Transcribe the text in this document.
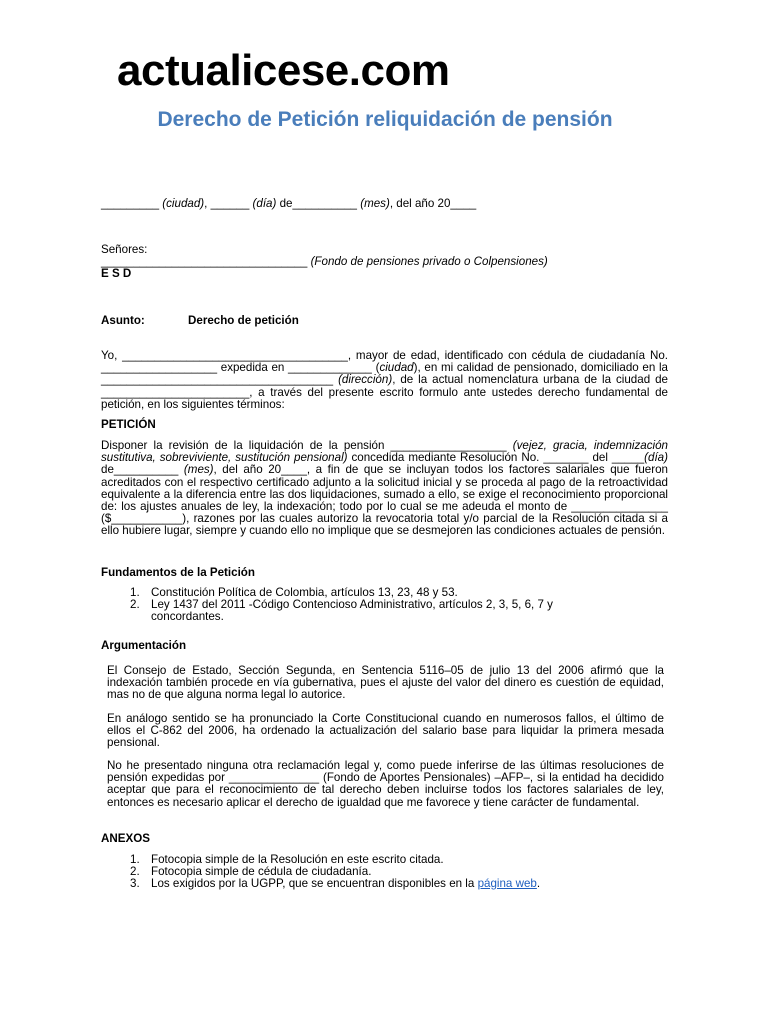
actualicese.com
Derecho de Petición reliquidación de pensión
_________ (ciudad), ______ (día) de__________ (mes), del año 20____
Señores:
________________________________ (Fondo de pensiones privado o Colpensiones)
E S D
Asunto:	Derecho de petición
Yo, ___________________________________, mayor de edad, identificado con cédula de ciudadanía No. __________________ expedida en _____________ (ciudad), en mi calidad de pensionado, domiciliado en la ____________________________________ (dirección), de la actual nomenclatura urbana de la ciudad de _______________________, a través del presente escrito formulo ante ustedes derecho fundamental de petición, en los siguientes términos:
PETICIÓN
Disponer la revisión de la liquidación de la pensión __________________ (vejez, gracia, indemnización sustitutiva, sobreviviente, sustitución pensional) concedida mediante Resolución No. _______ del _____(día) de__________ (mes), del año 20____, a fin de que se incluyan todos los factores salariales que fueron acreditados con el respectivo certificado adjunto a la solicitud inicial y se proceda al pago de la retroactividad equivalente a la diferencia entre las dos liquidaciones, sumado a ello, se exige el reconocimiento proporcional de: los ajustes anuales de ley, la indexación; todo por lo cual se me adeuda el monto de _______________ ($___________), razones por las cuales autorizo la revocatoria total y/o parcial de la Resolución citada si a ello hubiere lugar, siempre y cuando ello no implique que se desmejoren las condiciones actuales de pensión.
Fundamentos de la Petición
1. Constitución Política de Colombia, artículos 13, 23, 48 y 53.
2. Ley 1437 del 2011 -Código Contencioso Administrativo, artículos 2, 3, 5, 6, 7 y concordantes.
Argumentación
El Consejo de Estado, Sección Segunda, en Sentencia 5116–05 de julio 13 del 2006 afirmó que la indexación también procede en vía gubernativa, pues el ajuste del valor del dinero es cuestión de equidad, mas no de que alguna norma legal lo autorice.
En análogo sentido se ha pronunciado la Corte Constitucional cuando en numerosos fallos, el último de ellos el C-862 del 2006, ha ordenado la actualización del salario base para liquidar la primera mesada pensional.
No he presentado ninguna otra reclamación legal y, como puede inferirse de las últimas resoluciones de pensión expedidas por ______________ (Fondo de Aportes Pensionales) –AFP–, si la entidad ha decidido aceptar que para el reconocimiento de tal derecho deben incluirse todos los factores salariales de ley, entonces es necesario aplicar el derecho de igualdad que me favorece y tiene carácter de fundamental.
ANEXOS
1. Fotocopia simple de la Resolución en este escrito citada.
2. Fotocopia simple de cédula de ciudadanía.
3. Los exigidos por la UGPP, que se encuentran disponibles en la página web.
